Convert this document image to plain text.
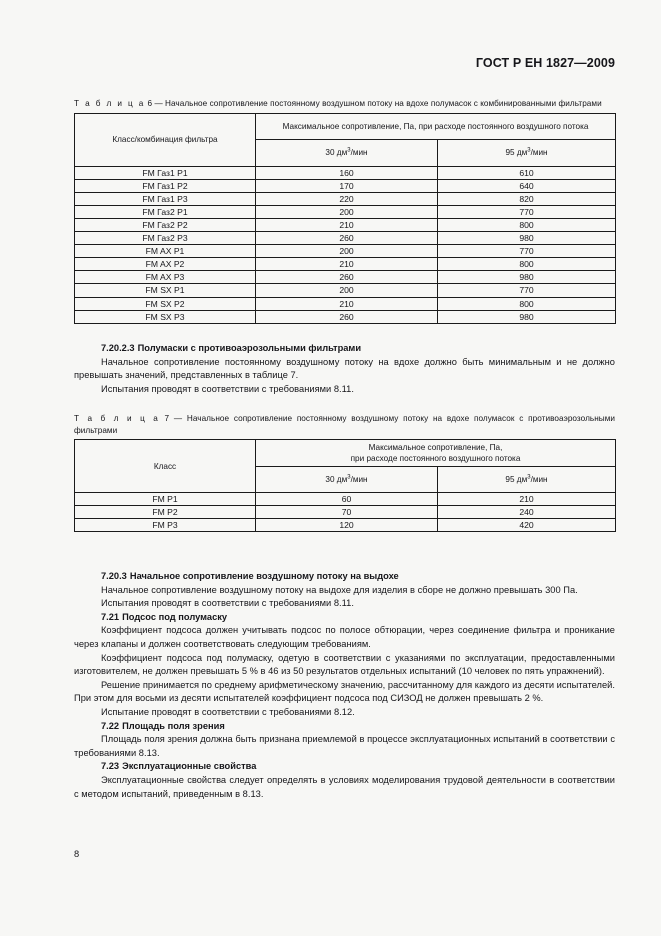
ГОСТ Р ЕН 1827—2009

Т а б л и ц а 6 — Начальное сопротивление постоянному воздушном потоку на вдохе полумасок с комбинированными фильтрами

Класс/комбинация фильтра	Максимальное сопротивление, Па, при расходе постоянного воздушного потока	
	30 $дм^3$/мин	95 $дм^3$/мин
FM Газ1 Р1	160	610
FM Газ1 Р2	170	640
FM Газ1 Р3	220	820
FM Газ2 Р1	200	770
FM Газ2 Р2	210	800
FM Газ2 Р3	260	980
FM AX P1	200	770
FM AX P2	210	800
FM AX P3	260	980
FM SX P1	200	770
FM SX P2	210	800
FM SX P3	260	980
7.20.2.3 Полумаски с противоаэрозольными фильтрами

Начальное сопротивление постоянному воздушному потоку на вдохе должно быть минимальным и не должно превышать значений, представленных в таблице 7.

Испытания проводят в соответствии с требованиями 8.11.

Т а б л и ц а 7 — Начальное сопротивление постоянному воздушному потоку на вдохе полумасок с противоаэрозольными фильтрами

Класс	Максимальное сопротивление, Па,
при расходе постоянного воздушного потока	
	30 $дм^3$/мин	95 $дм^3$/мин
FM P1	60	210
FM P2	70	240
FM P3	120	420
7.20.3 Начальное сопротивление воздушному потоку на выдохе

Начальное сопротивление воздушному потоку на выдохе для изделия в сборе не должно превышать 300 Па.

Испытания проводят в соответствии с требованиями 8.11.

7.21 Подсос под полумаску

Коэффициент подсоса должен учитывать подсос по полосе обтюрации, через соединение фильтра и проникание через клапаны и должен соответствовать следующим требованиям.

Коэффициент подсоса под полумаску, одетую в соответствии с указаниями по эксплуатации, предоставленными изготовителем, не должен превышать 5 % в 46 из 50 результатов отдельных испытаний (10 человек по пять упражнений).

Решение принимается по среднему арифметическому значению, рассчитанному для каждого из десяти испытателей. При этом для восьми из десяти испытателей коэффициент подсоса под СИЗОД не должен превышать 2 %.

Испытание проводят в соответствии с требованиями 8.12.

7.22 Площадь поля зрения

Площадь поля зрения должна быть признана приемлемой в процессе эксплуатационных испытаний в соответствии с требованиями 8.13.

7.23 Эксплуатационные свойства

Эксплуатационные свойства следует определять в условиях моделирования трудовой деятельности в соответствии с методом испытаний, приведенным в 8.13.

8
